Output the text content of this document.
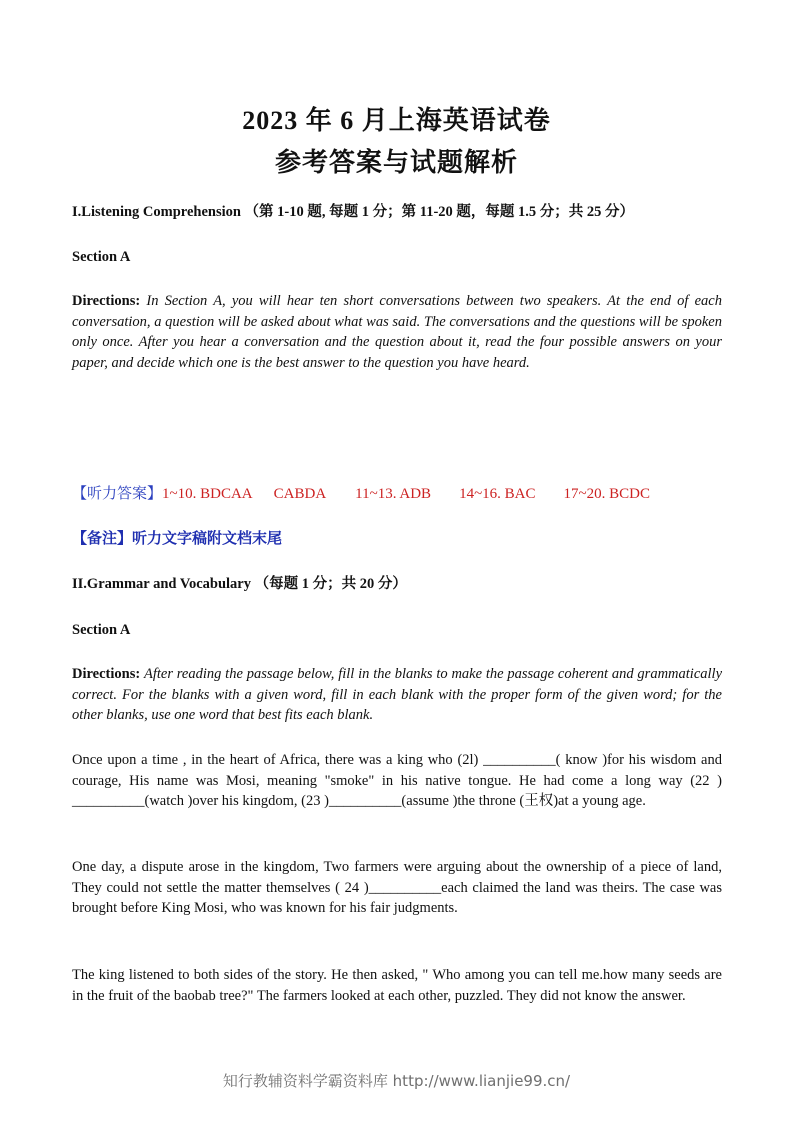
2023 年 6 月上海英语试卷
参考答案与试题解析
I.Listening Comprehension （第 1-10 题, 每题 1 分；第 11-20 题，每题 1.5 分；共 25 分）
Section A
Directions: In Section A, you will hear ten short conversations between two speakers. At the end of each conversation, a question will be asked about what was said. The conversations and the questions will be spoken only once. After you hear a conversation and the question about it, read the four possible answers on your paper, and decide which one is the best answer to the question you have heard.
【听力答案】1~10. BDCAA CABDA 11~13. ADB 14~16. BAC 17~20. BCDC
【备注】听力文字稿附文档末尾
II.Grammar and Vocabulary （每题 1 分；共 20 分）
Section A
Directions: After reading the passage below, fill in the blanks to make the passage coherent and grammatically correct. For the blanks with a given word, fill in each blank with the proper form of the given word; for the other blanks, use one word that best fits each blank.
Once upon a time , in the heart of Africa, there was a king who (2l) __________( know )for his wisdom and courage, His name was Mosi, meaning "smoke" in his native tongue. He had come a long way (22 ) __________(watch )over his kingdom, (23 )__________(assume )the throne (王权)at a young age.
One day, a dispute arose in the kingdom, Two farmers were arguing about the ownership of a piece of land, They could not settle the matter themselves ( 24 )__________each claimed the land was theirs. The case was brought before King Mosi, who was known for his fair judgments.
The king listened to both sides of the story. He then asked, " Who among you can tell me.how many seeds are in the fruit of the baobab tree?" The farmers looked at each other, puzzled. They did not know the answer.
知行教辅资料学霸资料库 http://www.lianjie99.cn/
